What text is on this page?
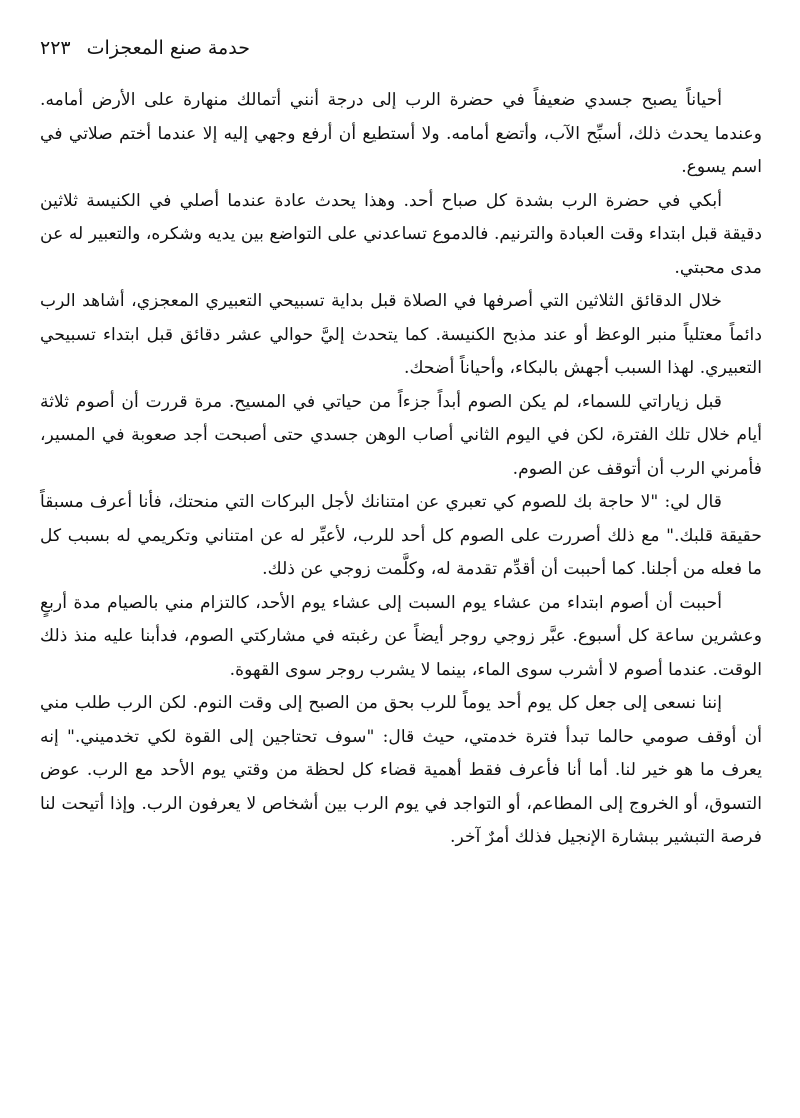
حدمة صنع المعجزات ٢٢٣

أحياناً يصبح جسدي ضعيفاً في حضرة الرب إلى درجة أنني أتمالك منهارة على الأرض أمامه. وعندما يحدث ذلك، أسبِّح الآب، وأتضع أمامه. ولا أستطيع أن أرفع وجهي إليه إلا عندما أختم صلاتي في اسم يسوع.

أبكي في حضرة الرب بشدة كل صباح أحد. وهذا يحدث عادة عندما أصلي في الكنيسة ثلاثين دقيقة قبل ابتداء وقت العبادة والترنيم. فالدموع تساعدني على التواضع بين يديه وشكره، والتعبير له عن مدى محبتي.

خلال الدقائق الثلاثين التي أصرفها في الصلاة قبل بداية تسبيحي التعبيري المعجزي، أشاهد الرب دائماً معتلياً منبر الوعظ أو عند مذبح الكنيسة. كما يتحدث إليَّ حوالي عشر دقائق قبل ابتداء تسبيحي التعبيري. لهذا السبب أجهش بالبكاء، وأحياناً أضحك.

قبل زياراتي للسماء، لم يكن الصوم أبداً جزءاً من حياتي في المسيح. مرة قررت أن أصوم ثلاثة أيام خلال تلك الفترة، لكن في اليوم الثاني أصاب الوهن جسدي حتى أصبحت أجد صعوبة في المسير، فأمرني الرب أن أتوقف عن الصوم.

قال لي: "لا حاجة بك للصوم كي تعبري عن امتنانك لأجل البركات التي منحتك، فأنا أعرف مسبقاً حقيقة قلبك." مع ذلك أصررت على الصوم كل أحد للرب، لأعبِّر له عن امتناني وتكريمي له بسبب كل ما فعله من أجلنا. كما أحببت أن أقدِّم تقدمة له، وكلَّمت زوجي عن ذلك.

أحببت أن أصوم ابتداء من عشاء يوم السبت إلى عشاء يوم الأحد، كالتزام مني بالصيام مدة أربعٍ وعشرين ساعة كل أسبوع. عبَّر زوجي روجر أيضاً عن رغبته في مشاركتي الصوم، فدأبنا عليه منذ ذلك الوقت. عندما أصوم لا أشرب سوى الماء، بينما لا يشرب روجر سوى القهوة.

إننا نسعى إلى جعل كل يوم أحد يوماً للرب بحق من الصبح إلى وقت النوم. لكن الرب طلب مني أن أوقف صومي حالما تبدأ فترة خدمتي، حيث قال: "سوف تحتاجين إلى القوة لكي تخدميني." إنه يعرف ما هو خير لنا. أما أنا فأعرف فقط أهمية قضاء كل لحظة من وقتي يوم الأحد مع الرب. عوض التسوق، أو الخروج إلى المطاعم، أو التواجد في يوم الرب بين أشخاص لا يعرفون الرب. وإذا أتيحت لنا فرصة التبشير ببشارة الإنجيل فذلك أمرٌ آخر.
